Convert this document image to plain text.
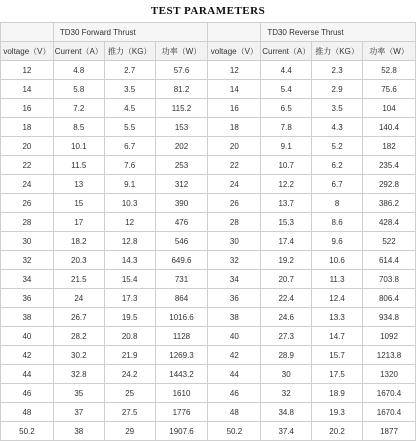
TEST PARAMETERS
	TD30 Forward Thrust				TD30 Reverse Thrust		
voltage（V）	Current（A）	推力（KG）	功率（W）	voltage（V）	Current（A）	推力（KG）	功率（W）
12	4.8	2.7	57.6	12	4.4	2.3	52.8
14	5.8	3.5	81.2	14	5.4	2.9	75.6
16	7.2	4.5	115.2	16	6.5	3.5	104
18	8.5	5.5	153	18	7.8	4.3	140.4
20	10.1	6.7	202	20	9.1	5.2	182
22	11.5	7.6	253	22	10.7	6.2	235.4
24	13	9.1	312	24	12.2	6.7	292.8
26	15	10.3	390	26	13.7	8	386.2
28	17	12	476	28	15.3	8.6	428.4
30	18.2	12.8	546	30	17.4	9.6	522
32	20.3	14.3	649.6	32	19.2	10.6	614.4
34	21.5	15.4	731	34	20.7	11.3	703.8
36	24	17.3	864	36	22.4	12.4	806.4
38	26.7	19.5	1016.6	38	24.6	13.3	934.8
40	28.2	20.8	1128	40	27.3	14.7	1092
42	30.2	21.9	1269.3	42	28.9	15.7	1213.8
44	32.8	24.2	1443.2	44	30	17.5	1320
46	35	25	1610	46	32	18.9	1670.4
48	37	27.5	1776	48	34.8	19.3	1670.4
50.2	38	29	1907.6	50.2	37.4	20.2	1877
